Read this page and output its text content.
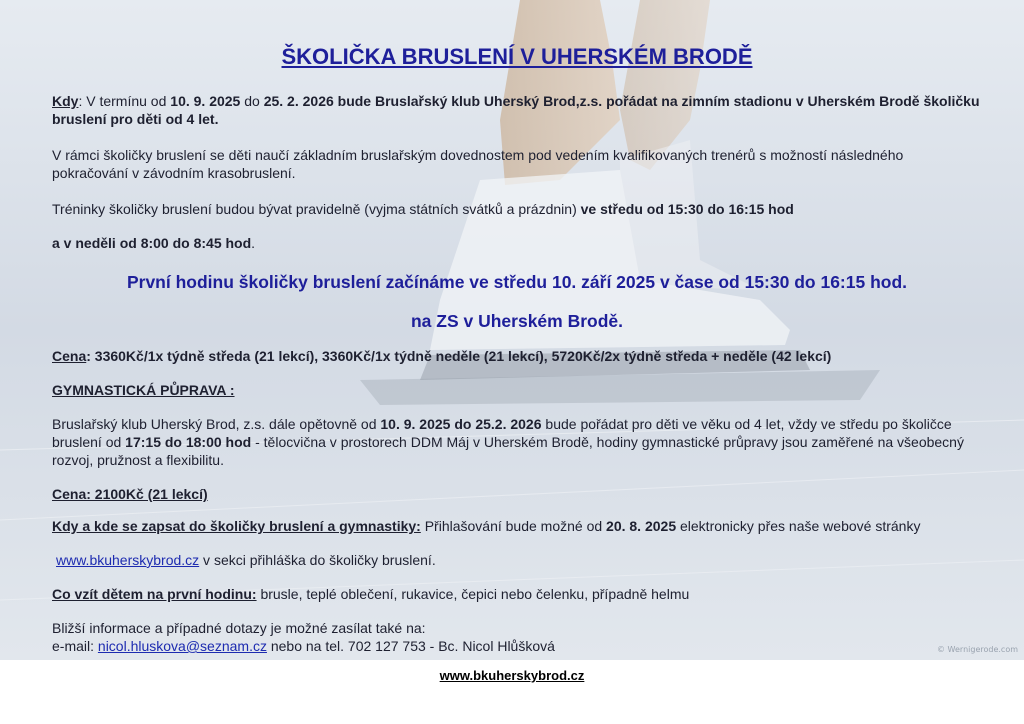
© Wernigerode.com
ŠKOLIČKA BRUSLENÍ V UHERSKÉM BRODĚ

Kdy: V termínu od 10. 9. 2025 do 25. 2. 2026 bude Bruslařský klub Uherský Brod,z.s. pořádat na zimním stadionu v Uherském Brodě školičku bruslení pro děti od 4 let.

V rámci školičky bruslení se děti naučí základním bruslařským dovednostem pod vedením kvalifikovaných trenérů s možností následného pokračování v závodním krasobruslení.

Tréninky školičky bruslení budou bývat pravidelně (vyjma státních svátků a prázdnin) ve středu od 15:30 do 16:15 hod

a v neděli od 8:00 do 8:45 hod.

První hodinu školičky bruslení začínáme ve středu 10. září 2025 v čase od 15:30 do 16:15 hod.

na ZS v Uherském Brodě.

Cena: 3360Kč/1x týdně středa (21 lekcí), 3360Kč/1x týdně neděle (21 lekcí), 5720Kč/2x týdně středa + neděle (42 lekcí)

GYMNASTICKÁ PŮPRAVA :

Bruslařský klub Uherský Brod, z.s. dále opětovně od 10. 9. 2025 do 25.2. 2026 bude pořádat pro děti ve věku od 4 let, vždy ve středu po školičce bruslení od 17:15 do 18:00 hod - tělocvična v prostorech DDM Máj v Uherském Brodě, hodiny gymnastické průpravy jsou zaměřené na všeobecný rozvoj, pružnost a flexibilitu.

Cena: 2100Kč (21 lekcí)

Kdy a kde se zapsat do školičky bruslení a gymnastiky: Přihlašování bude možné od 20. 8. 2025 elektronicky přes naše webové stránky

www.bkuherskybrod.cz v sekci přihláška do školičky bruslení.

Co vzít dětem na první hodinu: brusle, teplé oblečení, rukavice, čepici nebo čelenku, případně helmu

Bližší informace a případné dotazy je možné zasílat také na:

e-mail: nicol.hluskova@seznam.cz nebo na tel. 702 127 753 - Bc. Nicol Hlůšková

www.bkuherskybrod.cz
